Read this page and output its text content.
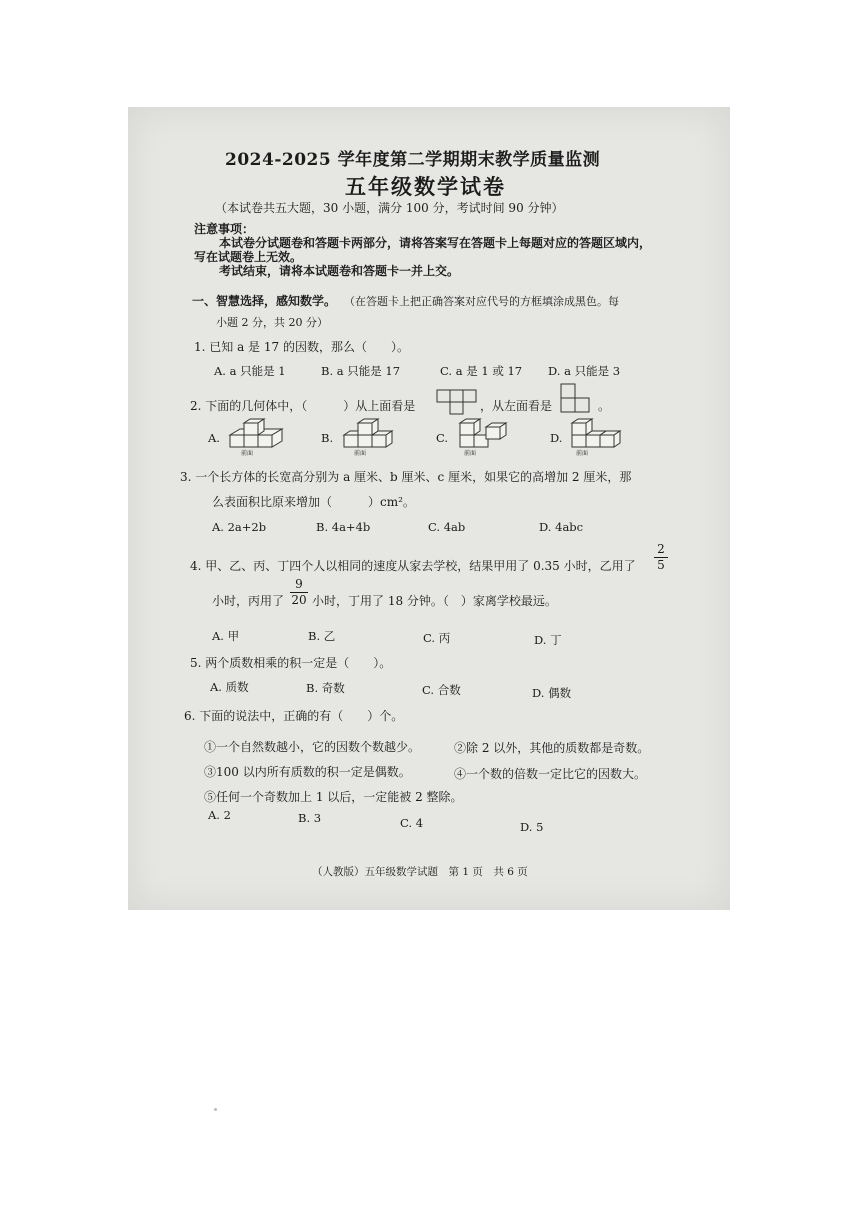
2024-2025 学年度第二学期期末教学质量监测
五年级数学试卷
（本试卷共五大题，30 小题，满分 100 分，考试时间 90 分钟）
注意事项：
本试卷分试题卷和答题卡两部分，请将答案写在答题卡上每题对应的答题区域内，
写在试题卷上无效。
考试结束，请将本试题卷和答题卡一并上交。
一、智慧选择，感知数学。 （在答题卡上把正确答案对应代号的方框填涂成黑色。每
小题 2 分，共 20 分）
1. 已知 a 是 17 的因数，那么（　　）。
A. a 只能是 1	B. a 只能是 17	C. a 是 1 或 17 D. a 只能是 3
2. 下面的几何体中，（　　　）从上面看是	，从左面看是	。
A.
前面
B.
前面
C.
前面
D.
前面
3. 一个长方体的长宽高分别为 a 厘米、b 厘米、c 厘米，如果它的高增加 2 厘米，那
么表面积比原来增加（　　　）cm²。
A. 2a+2b	B. 4a+4b	C. 4ab	D. 4abc
4. 甲、乙、丙、丁四个人以相同的速度从家去学校，结果甲用了 0.35 小时，乙用了
2
5
小时，丙用了
9
20 小时，丁用了 18 分钟。（　）家离学校最远。
A. 甲	B. 乙	C. 丙	D. 丁
5. 两个质数相乘的积一定是（　　）。
A. 质数	B. 奇数	C. 合数	D. 偶数
6. 下面的说法中，正确的有（　　）个。
①一个自然数越小，它的因数个数越少。	②除 2 以外，其他的质数都是奇数。
③100 以内所有质数的积一定是偶数。	④一个数的倍数一定比它的因数大。
⑤任何一个奇数加上 1 以后，一定能被 2 整除。
A. 2	B. 3	C. 4	D. 5
（人教版）五年级数学试题　第 1 页　共 6 页
